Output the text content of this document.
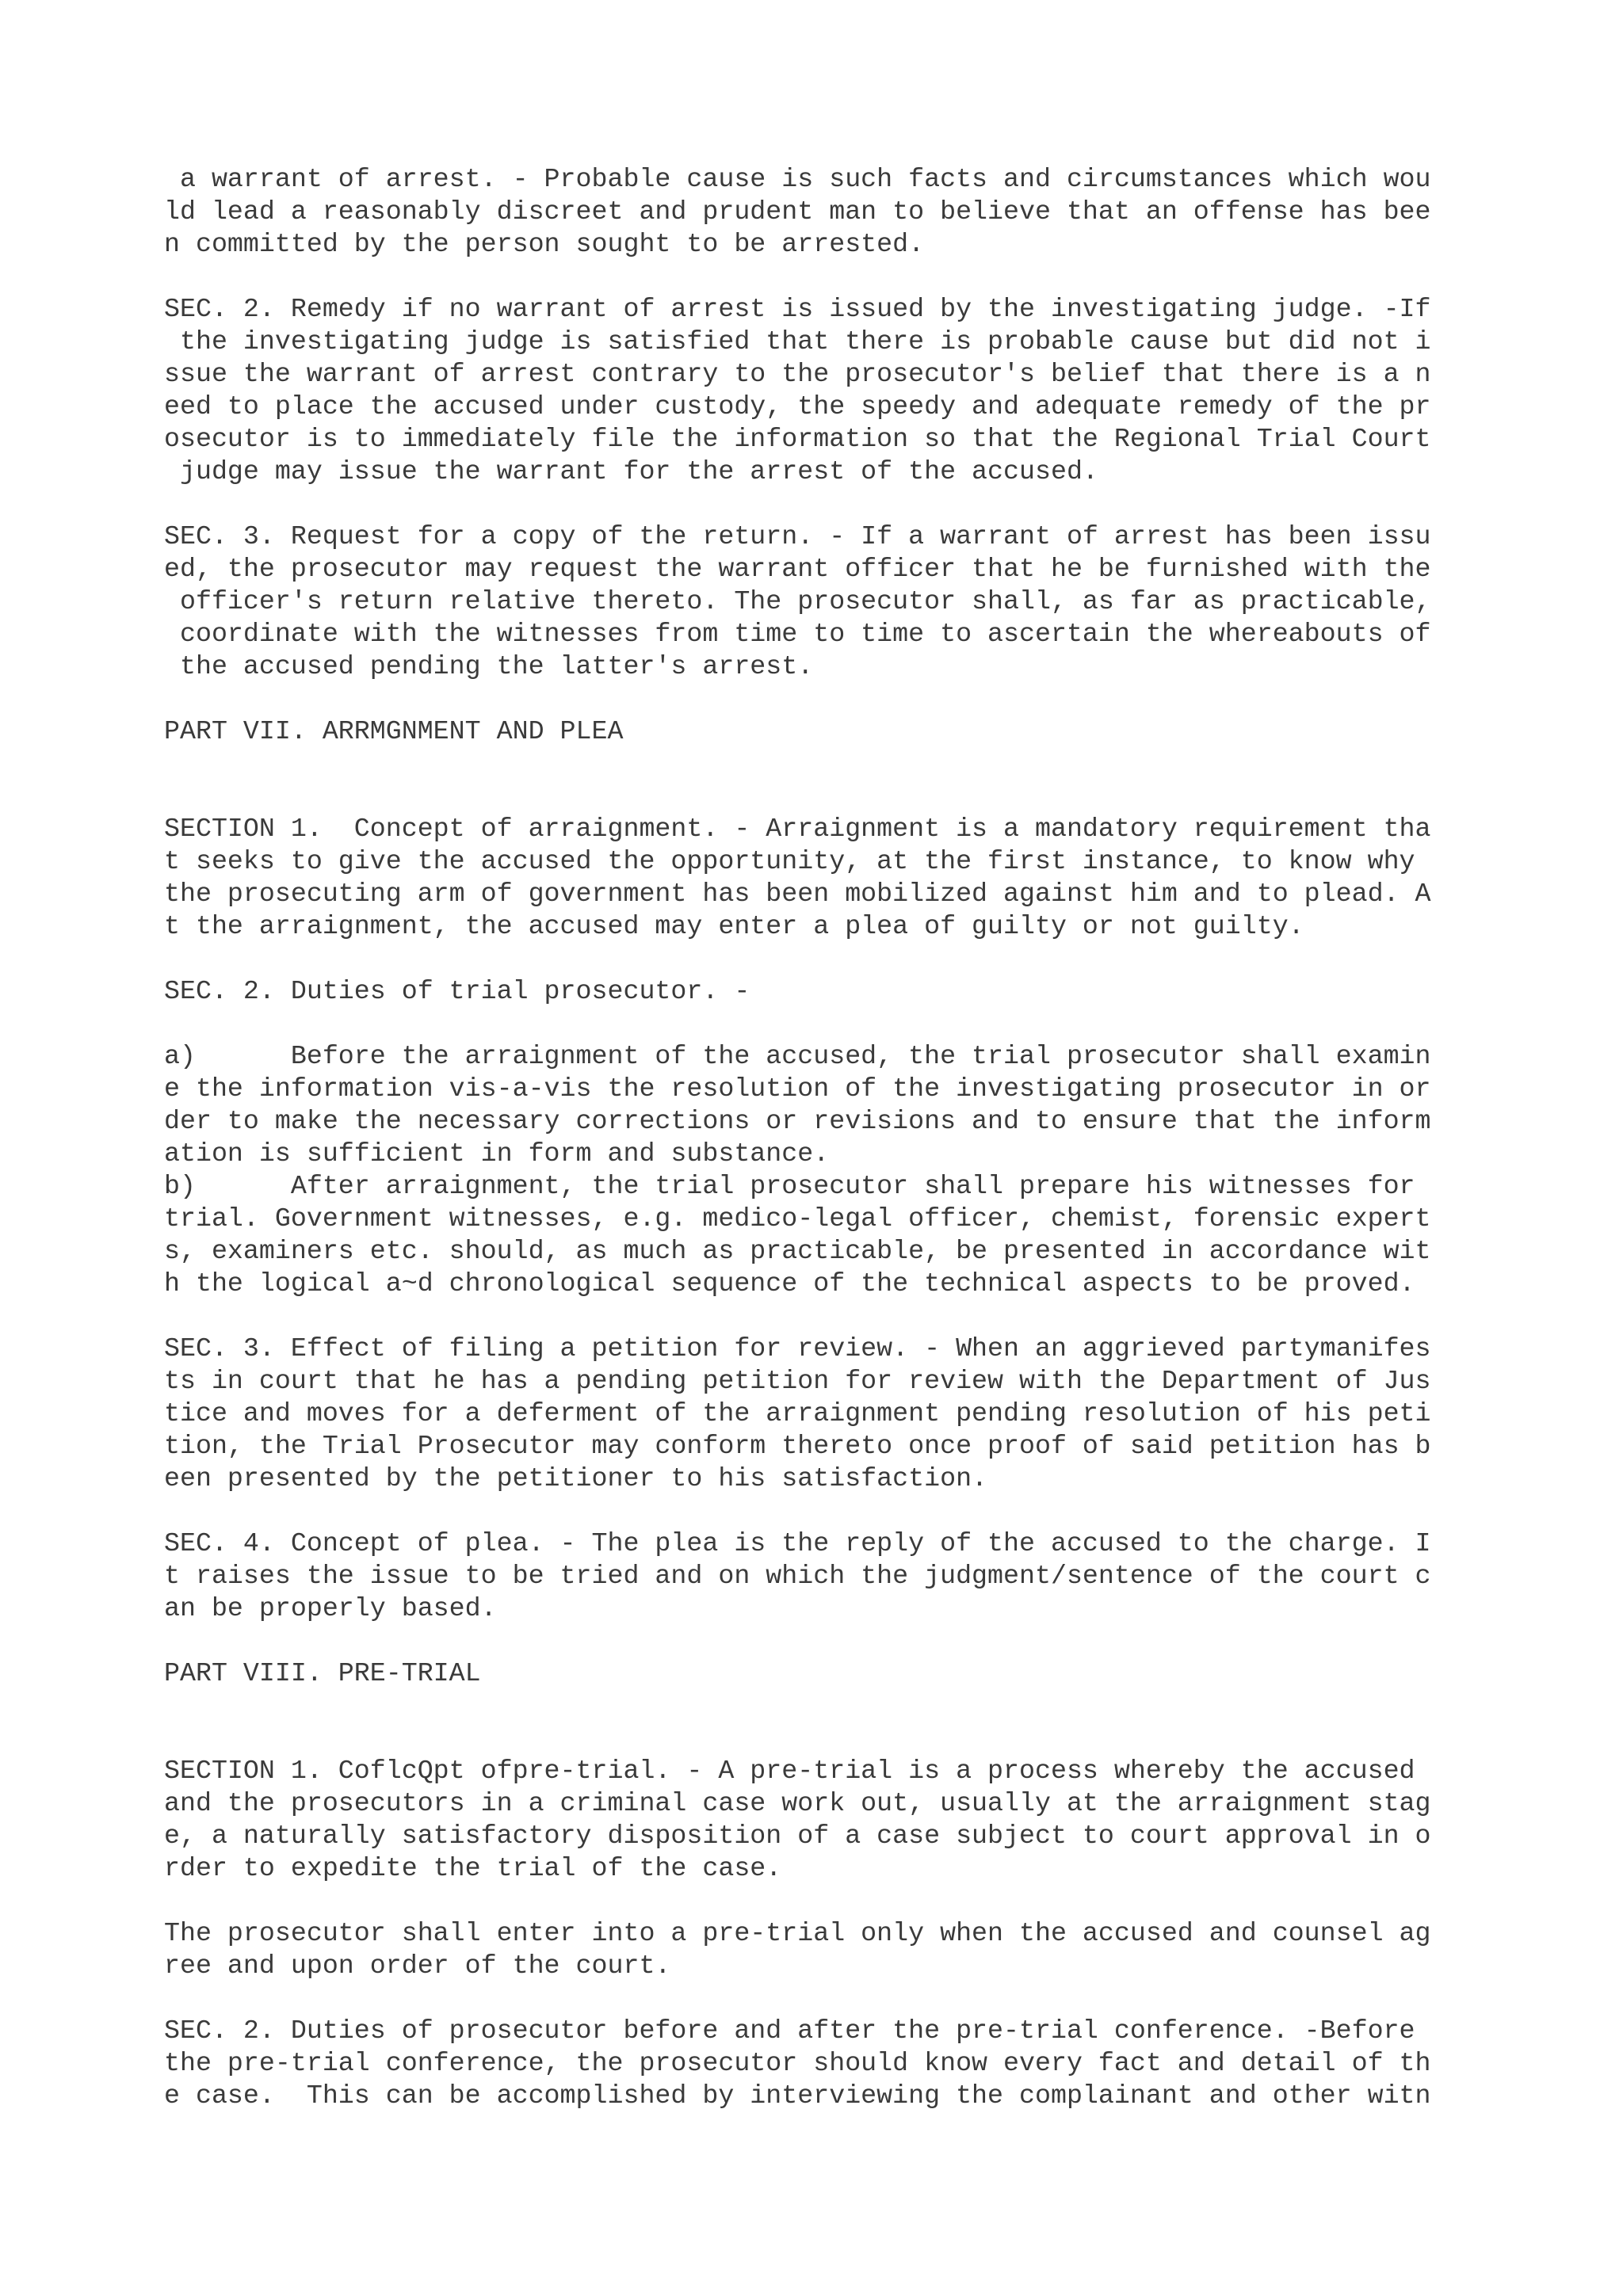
a warrant of arrest. - Probable cause is such facts and circumstances which wou

ld lead a reasonably discreet and prudent man to believe that an offense has bee

n committed by the person sought to be arrested.

SEC. 2. Remedy if no warrant of arrest is issued by the investigating judge. -If

the investigating judge is satisfied that there is probable cause but did not i

ssue the warrant of arrest contrary to the prosecutor's belief that there is a n

eed to place the accused under custody, the speedy and adequate remedy of the pr

osecutor is to immediately file the information so that the Regional Trial Court

judge may issue the warrant for the arrest of the accused.

SEC. 3. Request for a copy of the return. - If a warrant of arrest has been issu

ed, the prosecutor may request the warrant officer that he be furnished with the

officer's return relative thereto. The prosecutor shall, as far as practicable,

coordinate with the witnesses from time to time to ascertain the whereabouts of

the accused pending the latter's arrest.

PART VII. ARRMGNMENT AND PLEA

SECTION 1.  Concept of arraignment. - Arraignment is a mandatory requirement tha

t seeks to give the accused the opportunity, at the first instance, to know why

the prosecuting arm of government has been mobilized against him and to plead. A

t the arraignment, the accused may enter a plea of guilty or not guilty.

SEC. 2. Duties of trial prosecutor. -

a)      Before the arraignment of the accused, the trial prosecutor shall examin

e the information vis-a-vis the resolution of the investigating prosecutor in or

der to make the necessary corrections or revisions and to ensure that the inform

ation is sufficient in form and substance.

b)      After arraignment, the trial prosecutor shall prepare his witnesses for

trial. Government witnesses, e.g. medico-legal officer, chemist, forensic expert

s, examiners etc. should, as much as practicable, be presented in accordance wit

h the logical a~d chronological sequence of the technical aspects to be proved.

SEC. 3. Effect of filing a petition for review. - When an aggrieved partymanifes

ts in court that he has a pending petition for review with the Department of Jus

tice and moves for a deferment of the arraignment pending resolution of his peti

tion, the Trial Prosecutor may conform thereto once proof of said petition has b

een presented by the petitioner to his satisfaction.

SEC. 4. Concept of plea. - The plea is the reply of the accused to the charge. I

t raises the issue to be tried and on which the judgment/sentence of the court c

an be properly based.

PART VIII. PRE-TRIAL

SECTION 1. CoflcQpt ofpre-trial. - A pre-trial is a process whereby the accused

and the prosecutors in a criminal case work out, usually at the arraignment stag

e, a naturally satisfactory disposition of a case subject to court approval in o

rder to expedite the trial of the case.

The prosecutor shall enter into a pre-trial only when the accused and counsel ag

ree and upon order of the court.

SEC. 2. Duties of prosecutor before and after the pre-trial conference. -Before

the pre-trial conference, the prosecutor should know every fact and detail of th

e case.  This can be accomplished by interviewing the complainant and other witn
